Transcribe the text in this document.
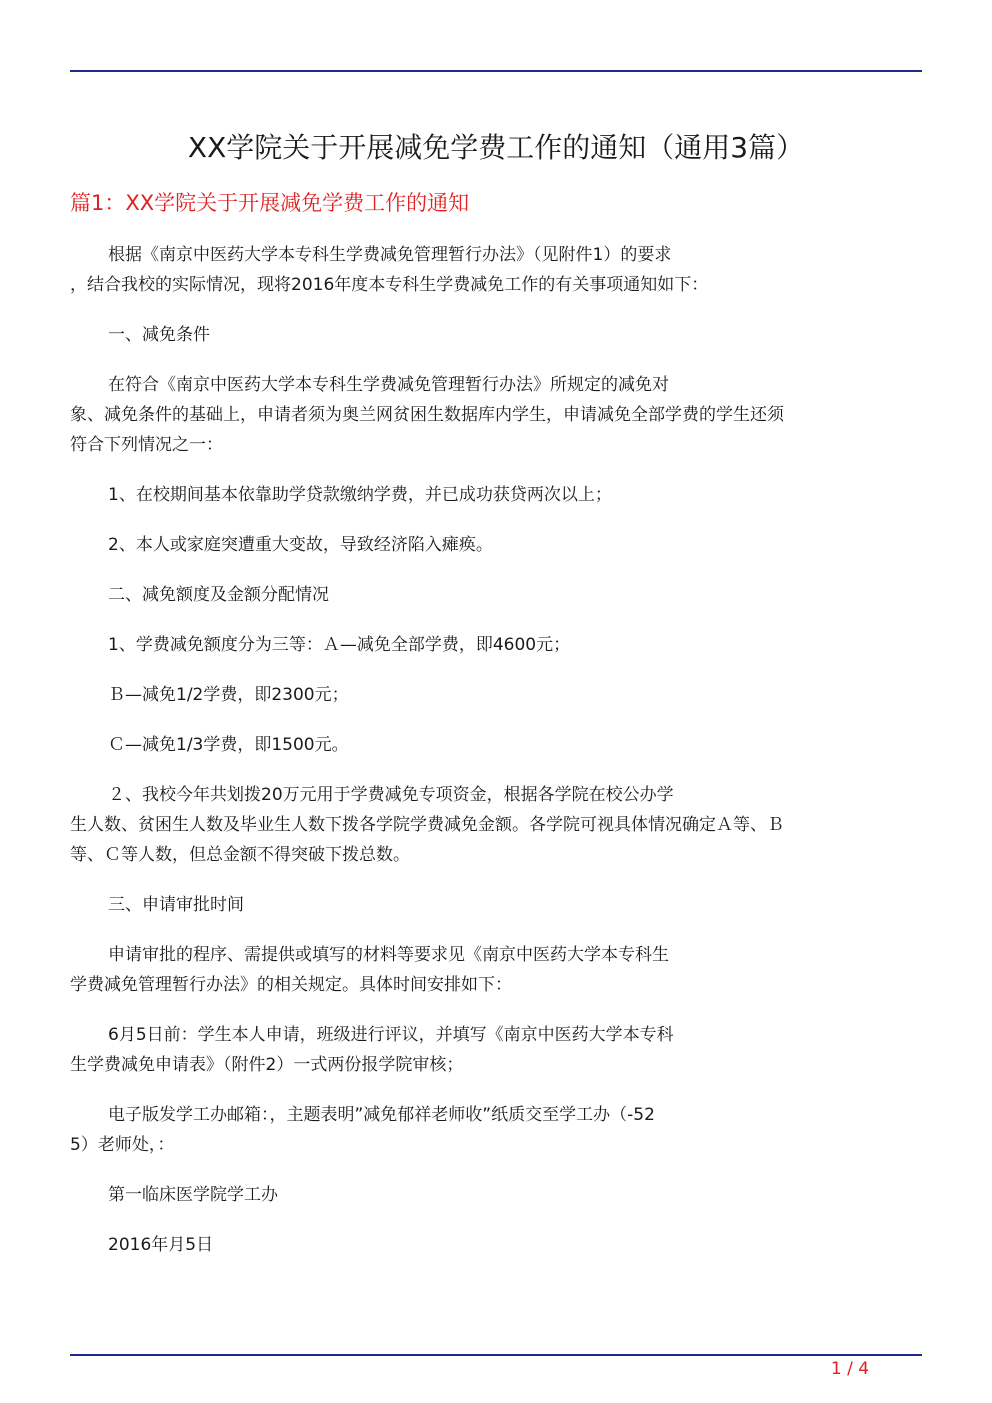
XX学院关于开展减免学费工作的通知（通用3篇）
篇1：XX学院关于开展减免学费工作的通知

根据《南京中医药大学本专科生学费减免管理暂行办法》（见附件1）的要求
，结合我校的实际情况，现将2016年度本专科生学费减免工作的有关事项通知如下：

一、减免条件

在符合《南京中医药大学本专科生学费减免管理暂行办法》所规定的减免对
象、减免条件的基础上，申请者须为奥兰网贫困生数据库内学生，申请减免全部学费的学生还须
符合下列情况之一：

1、在校期间基本依靠助学贷款缴纳学费，并已成功获贷两次以上；

2、本人或家庭突遭重大变故，导致经济陷入瘫痪。

二、减免额度及金额分配情况

1、学费减免额度分为三等：Ａ—减免全部学费，即4600元；

Ｂ—减免1/2学费，即2300元；

Ｃ—减免1/3学费，即1500元。

２、我校今年共划拨20万元用于学费减免专项资金，根据各学院在校公办学
生人数、贫困生人数及毕业生人数下拨各学院学费减免金额。各学院可视具体情况确定Ａ等、Ｂ
等、Ｃ等人数，但总金额不得突破下拨总数。

三、申请审批时间

申请审批的程序、需提供或填写的材料等要求见《南京中医药大学本专科生
学费减免管理暂行办法》的相关规定。具体时间安排如下：

6月5日前：学生本人申请，班级进行评议，并填写《南京中医药大学本专科
生学费减免申请表》（附件2）一式两份报学院审核；

电子版发学工办邮箱：，主题表明”减免郁祥老师收”纸质交至学工办（-52
5）老师处，：

第一临床医学院学工办

2016年月5日

1 / 4
